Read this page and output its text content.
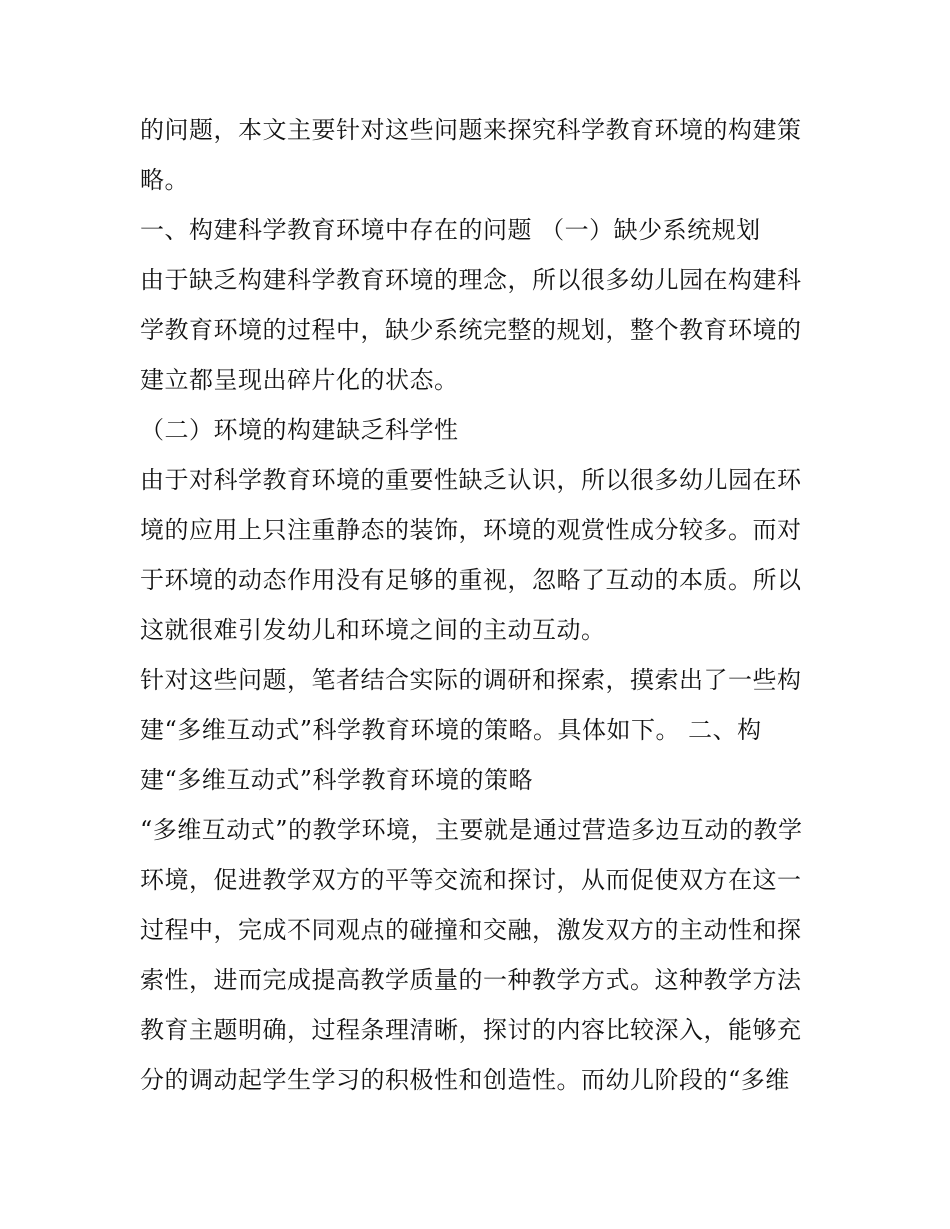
的问题，本文主要针对这些问题来探究科学教育环境的构建策
略。
一、构建科学教育环境中存在的问题 （一）缺少系统规划
由于缺乏构建科学教育环境的理念，所以很多幼儿园在构建科
学教育环境的过程中，缺少系统完整的规划，整个教育环境的
建立都呈现出碎片化的状态。
（二）环境的构建缺乏科学性
由于对科学教育环境的重要性缺乏认识，所以很多幼儿园在环
境的应用上只注重静态的装饰，环境的观赏性成分较多。而对
于环境的动态作用没有足够的重视，忽略了互动的本质。所以
这就很难引发幼儿和环境之间的主动互动。
针对这些问题，笔者结合实际的调研和探索，摸索出了一些构
建“多维互动式”科学教育环境的策略。具体如下。 二、构
建“多维互动式”科学教育环境的策略
“多维互动式”的教学环境，主要就是通过营造多边互动的教学
环境，促进教学双方的平等交流和探讨，从而促使双方在这一
过程中，完成不同观点的碰撞和交融，激发双方的主动性和探
索性，进而完成提高教学质量的一种教学方式。这种教学方法
教育主题明确，过程条理清晰，探讨的内容比较深入，能够充
分的调动起学生学习的积极性和创造性。而幼儿阶段的“多维
